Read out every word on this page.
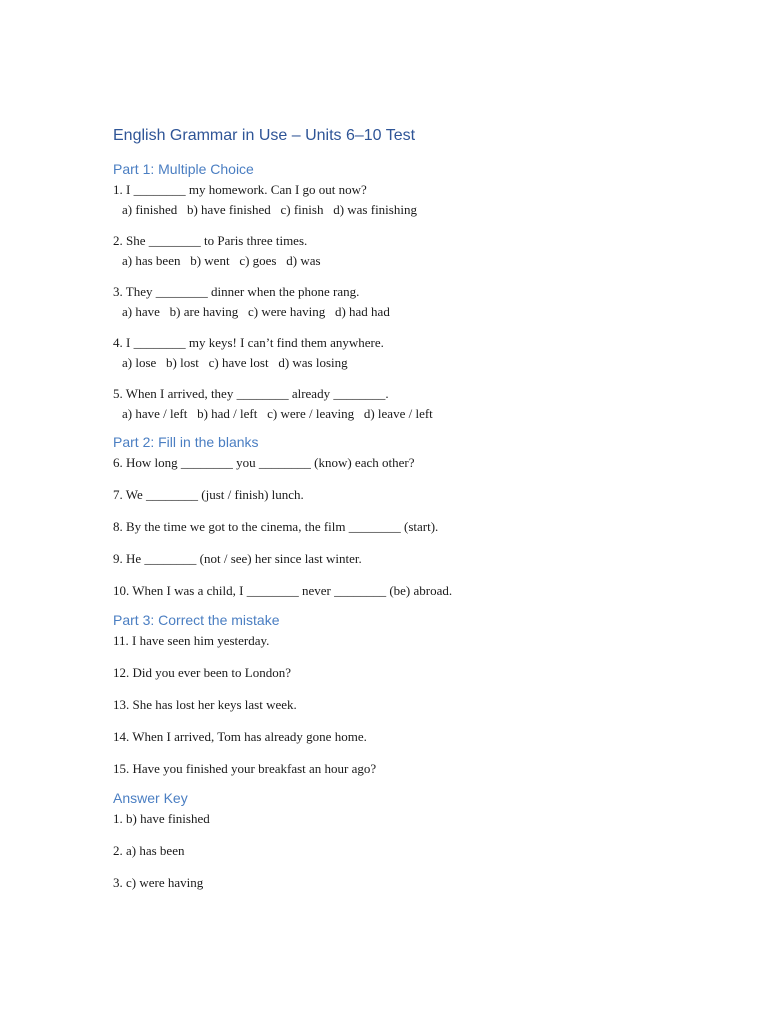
English Grammar in Use – Units 6–10 Test
Part 1: Multiple Choice
1. I ________ my homework. Can I go out now?
a) finished   b) have finished   c) finish   d) was finishing
2. She ________ to Paris three times.
a) has been   b) went   c) goes   d) was
3. They ________ dinner when the phone rang.
a) have   b) are having   c) were having   d) had had
4. I ________ my keys! I can’t find them anywhere.
a) lose   b) lost   c) have lost   d) was losing
5. When I arrived, they ________ already ________.
a) have / left   b) had / left   c) were / leaving   d) leave / left
Part 2: Fill in the blanks
6. How long ________ you ________ (know) each other?
7. We ________ (just / finish) lunch.
8. By the time we got to the cinema, the film ________ (start).
9. He ________ (not / see) her since last winter.
10. When I was a child, I ________ never ________ (be) abroad.
Part 3: Correct the mistake
11. I have seen him yesterday.
12. Did you ever been to London?
13. She has lost her keys last week.
14. When I arrived, Tom has already gone home.
15. Have you finished your breakfast an hour ago?
Answer Key
1. b) have finished
2. a) has been
3. c) were having
